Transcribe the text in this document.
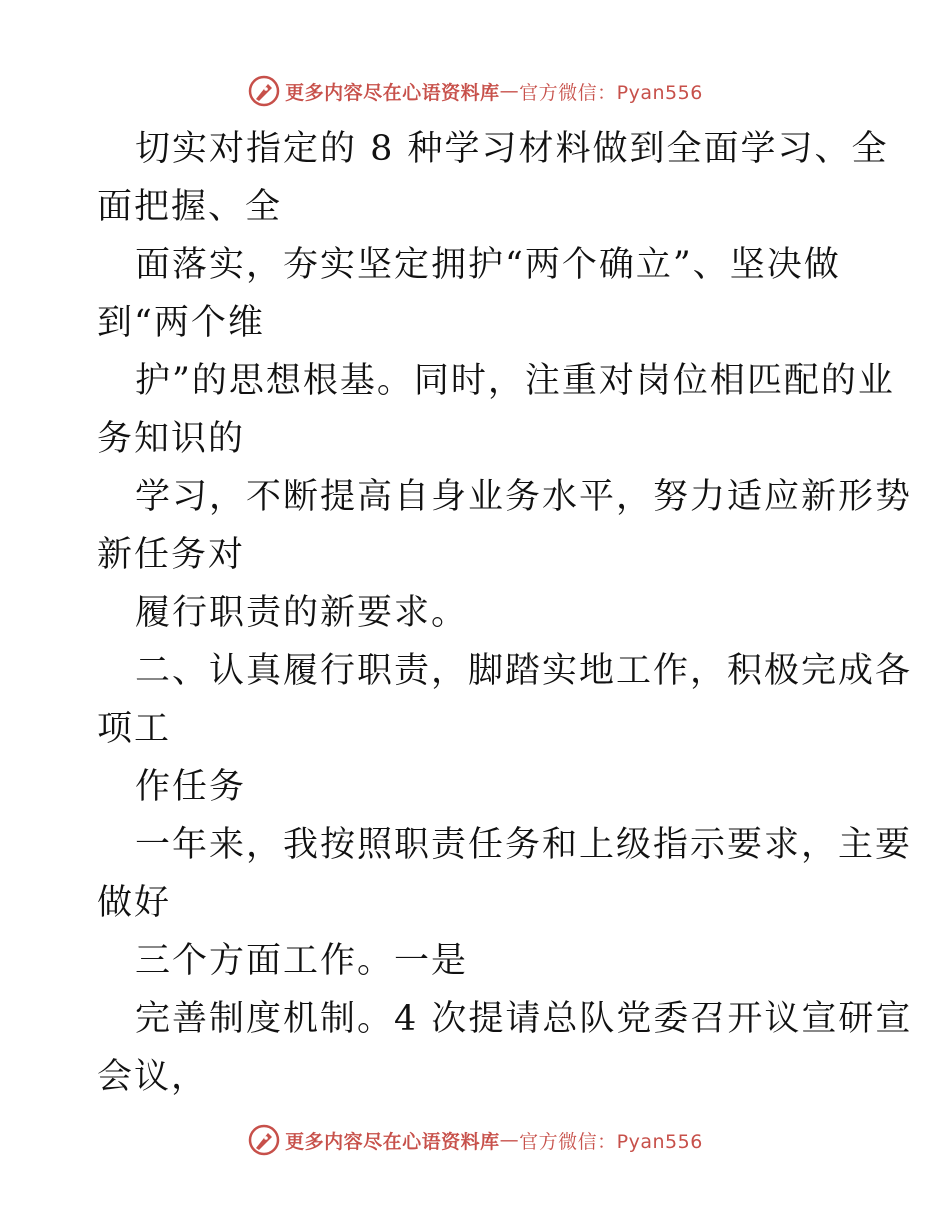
更多内容尽在心语资料库 — 官方微信：Pyan556
切实对指定的 8 种学习材料做到全面学习、全
面把握、全
面落实，夯实坚定拥护“两个确立”、坚决做
到“两个维
护”的思想根基。同时，注重对岗位相匹配的业
务知识的
学习，不断提高自身业务水平，努力适应新形势
新任务对
履行职责的新要求。
二、认真履行职责，脚踏实地工作，积极完成各
项工
作任务
一年来，我按照职责任务和上级指示要求，主要
做好
三个方面工作。一是
完善制度机制。4 次提请总队党委召开议宣研宣
会议，
更多内容尽在心语资料库 — 官方微信：Pyan556
